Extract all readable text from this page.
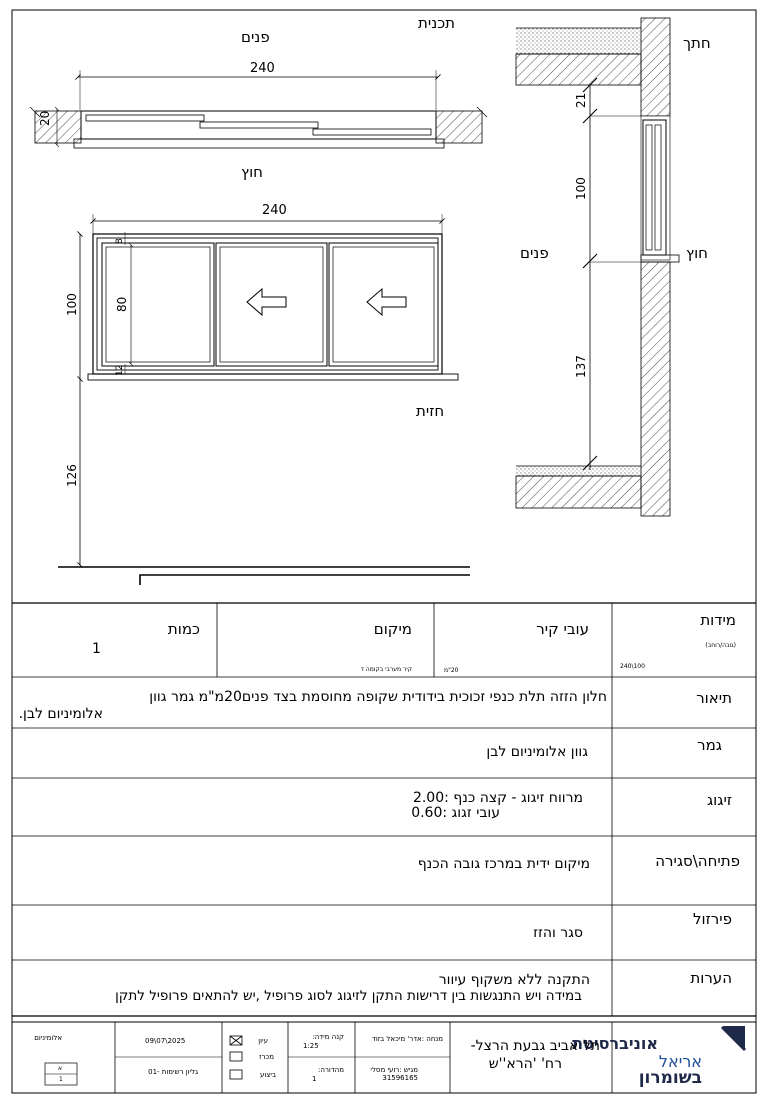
תכנית
חתך
פנים
חוץ
חזית
פנים	חוץ
240
20
240
100	80
8
12
126
21
100
137
מידות
(גובה/רוחב)
240\100
עובי קיר
20"מ
מיקום
קיר מערבי בקומה ד
כמות
1
תיאור
חלון הזזה תלת כנפי זכוכית בידודית שקופה מחוסמת בצד פנים20מ"מ גמר גוון
אלומיניום לבן.
גמר
גוון אלומיניום לבן
זיגוג
מרווח זיגוג - קצה כנף :2.00
עובי זגוג :0.60
פתיחה\סגירה
מיקום ידית במרכז גובה הכנף
פירזול
סגר והזז
הערות
התקנה ללא משקוף עיוור
במידה ויש התנגשות בין דרישות התקן לזיגוג לסוג פרופיל ,יש להתאים פרופיל לתקן
אוניברסיטת
אריאל
בשומרון
תל אביב גבעת הרצל-
רח' 'הרא''ש
מנחה :אדר' מיכאל בזוד
מגיש :רועי מסלי 31596165
קנה מידה:
1:25
מהדורה:
1
עיון
מכרז
ביצוע
09\07\2025
גליון רשימות -01
אלומיניום
א
1
